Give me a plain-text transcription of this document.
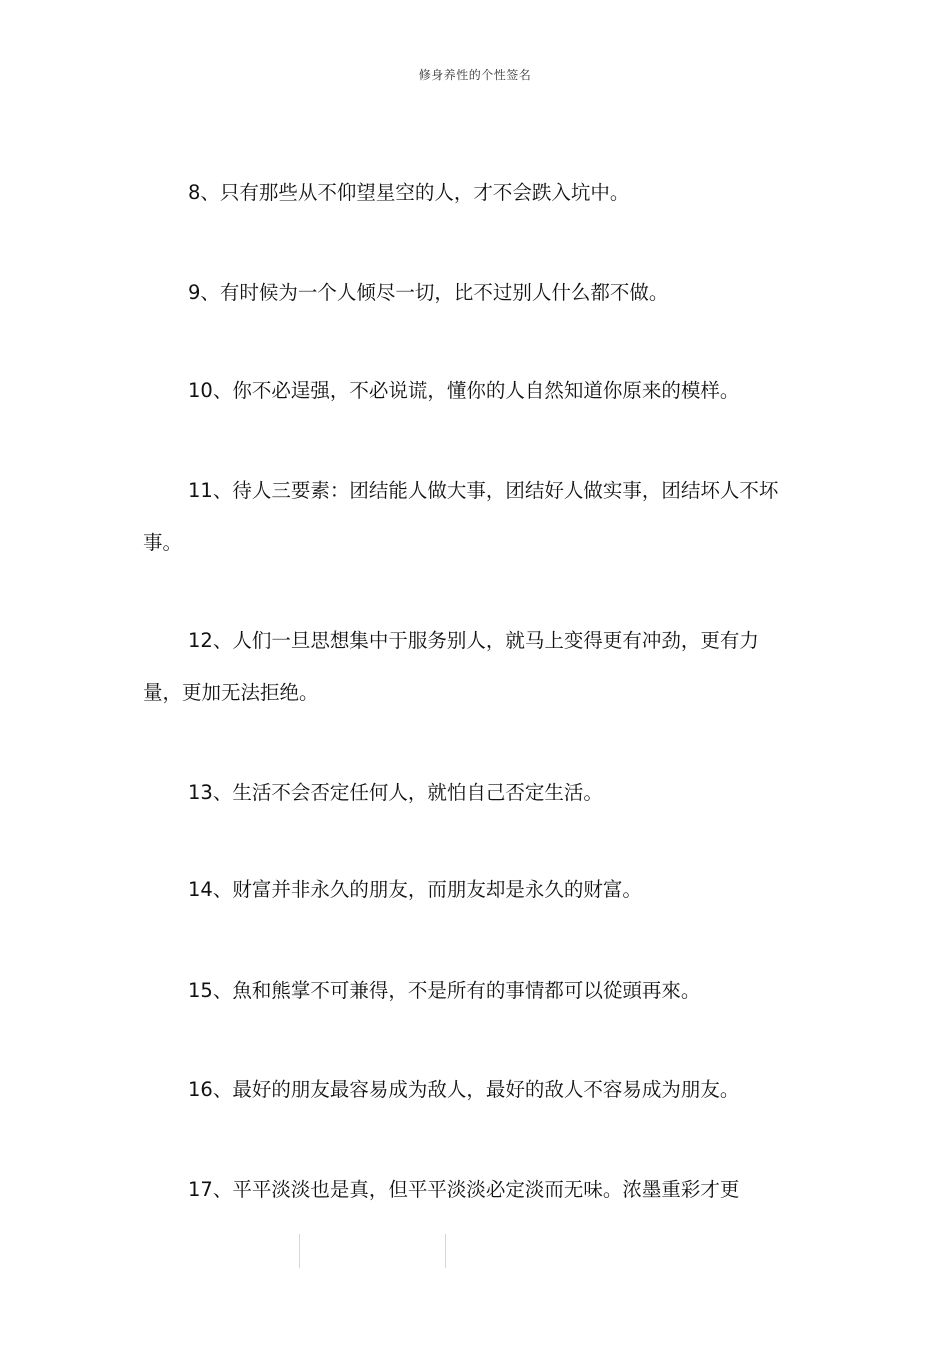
修身养性的个性签名

8、只有那些从不仰望星空的人，才不会跌入坑中。

9、有时候为一个人倾尽一切，比不过别人什么都不做。

10、你不必逞强，不必说谎，懂你的人自然知道你原来的模样。

11、待人三要素：团结能人做大事，团结好人做实事，团结坏人不坏事。

12、人们一旦思想集中于服务别人，就马上变得更有冲劲，更有力量，更加无法拒绝。

13、生活不会否定任何人，就怕自己否定生活。

14、财富并非永久的朋友，而朋友却是永久的财富。

15、魚和熊掌不可兼得，不是所有的事情都可以從頭再來。

16、最好的朋友最容易成为敌人，最好的敌人不容易成为朋友。

17、平平淡淡也是真，但平平淡淡必定淡而无味。浓墨重彩才更
